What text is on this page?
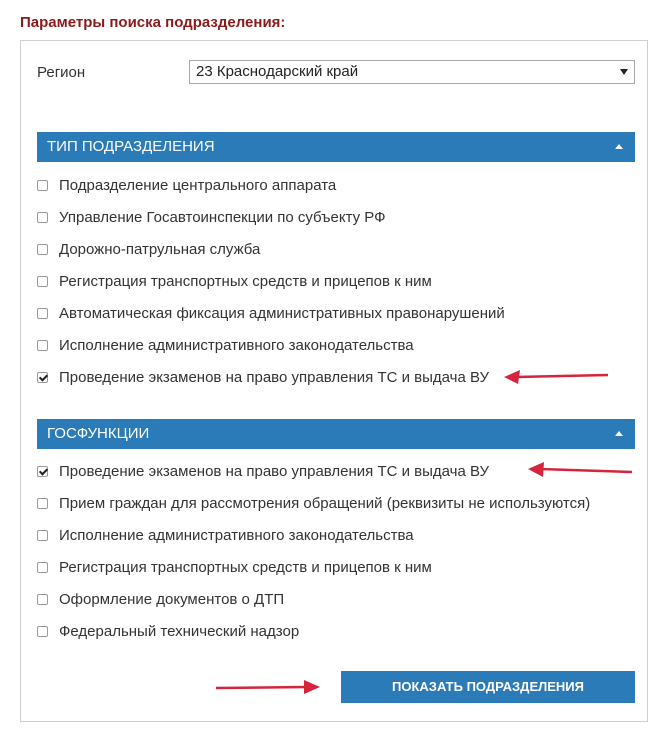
Параметры поиска подразделения:
Регион	23 Краснодарский край
ТИП ПОДРАЗДЕЛЕНИЯ
Подразделение центрального аппарата
Управление Госавтоинспекции по субъекту РФ
Дорожно-патрульная служба
Регистрация транспортных средств и прицепов к ним
Автоматическая фиксация административных правонарушений
Исполнение административного законодательства
Проведение экзаменов на право управления ТС и выдача ВУ
ГОСФУНКЦИИ
Проведение экзаменов на право управления ТС и выдача ВУ
Прием граждан для рассмотрения обращений (реквизиты не используются)
Исполнение административного законодательства
Регистрация транспортных средств и прицепов к ним
Оформление документов о ДТП
Федеральный технический надзор
ПОКАЗАТЬ ПОДРАЗДЕЛЕНИЯ
